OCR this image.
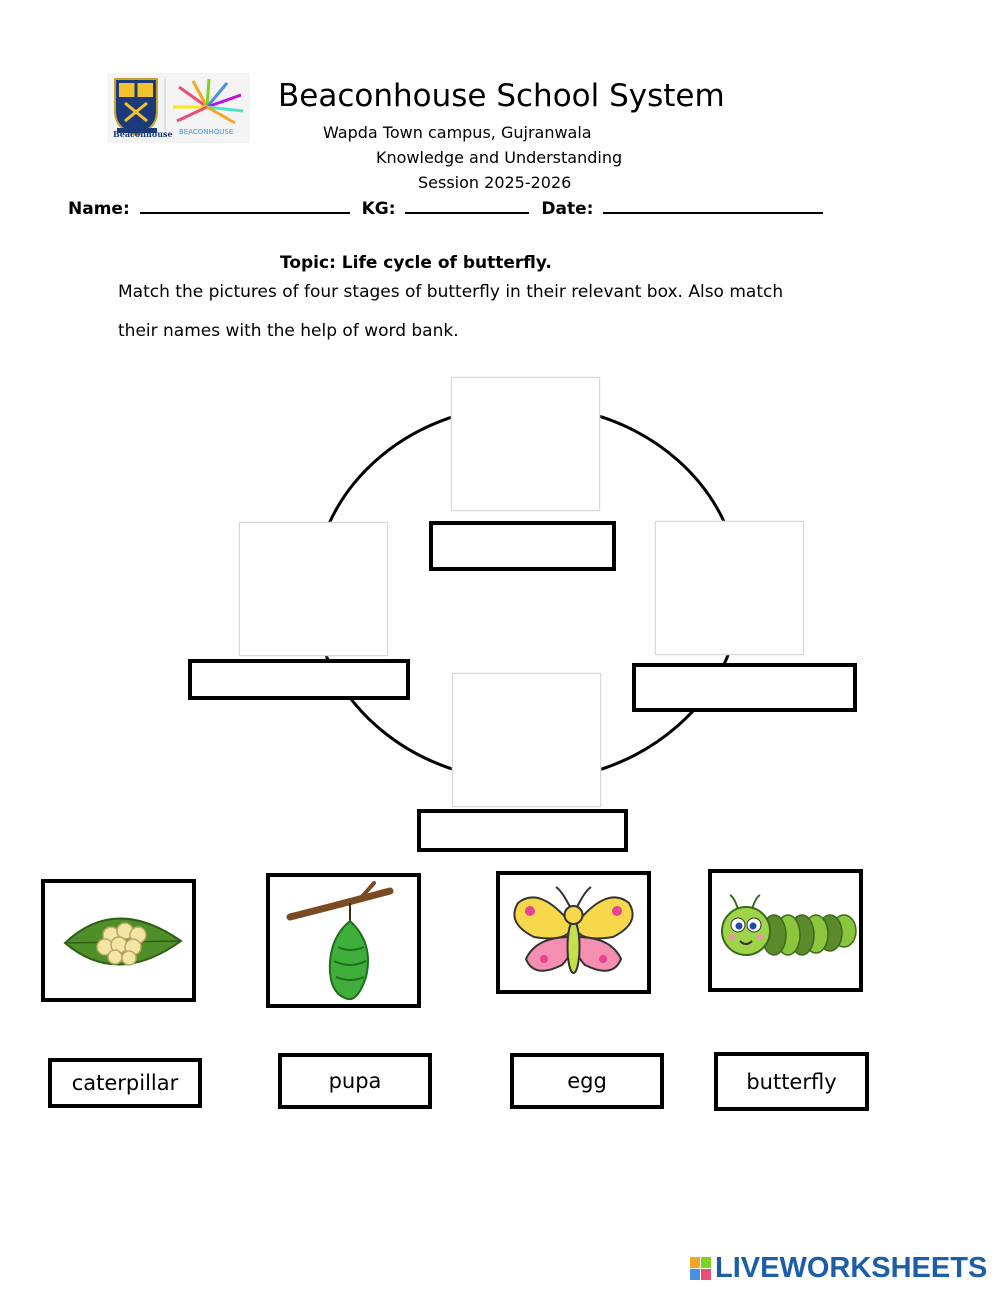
Beaconhouse BEACONHOUSE
Beaconhouse School System
Wapda Town campus, Gujranwala
Knowledge and Understanding
Session 2025-2026
Name:	KG:	Date:
Topic: Life cycle of butterfly.
Match the pictures of four stages of butterfly in their relevant box. Also match
their names with the help of word bank.
caterpillar	pupa	egg	butterfly
LIVEWORKSHEETS
